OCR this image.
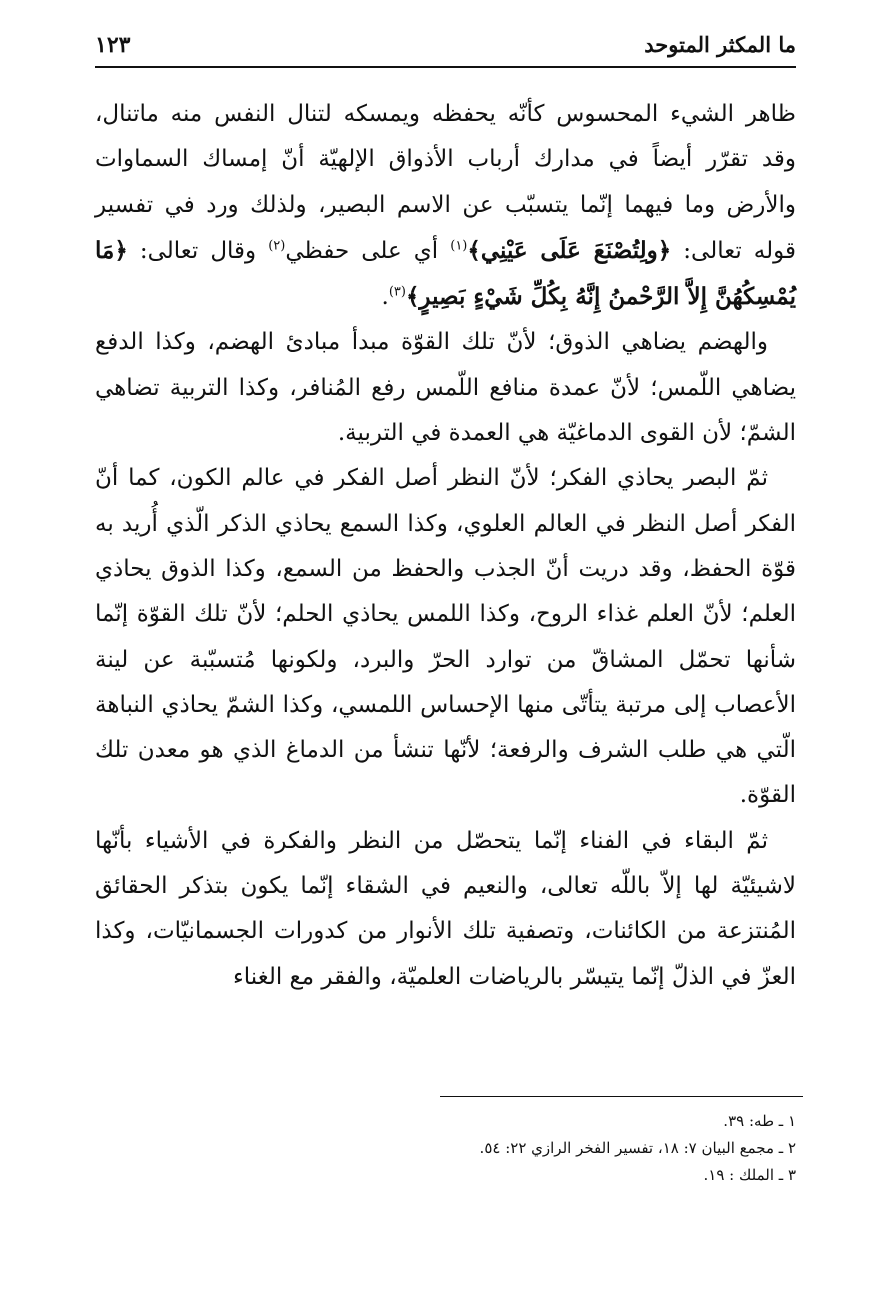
ما المكثر المتوحد
١٢٣

ظاهر الشيء المحسوس كأنّه يحفظه ويمسكه لتنال النفس منه ماتنال، وقد تقرّر أيضاً في مدارك أرباب الأذواق الإلهيّة أنّ إمساك السماوات والأرض وما فيهما إنّما يتسبّب عن الاسم البصير، ولذلك ورد في تفسير قوله تعالى: ﴿ولِتُصْنَعَ عَلَى عَيْنِي﴾$^{(١)}$ أي على حفظي$^{(٢)}$ وقال تعالى: ﴿مَا يُمْسِكُهُنَّ إِلاَّ الرَّحْمنُ إِنَّهُ بِكُلِّ شَيْءٍ بَصِيرٍ﴾$^{(٣)}$.

والهضم يضاهي الذوق؛ لأنّ تلك القوّة مبدأ مبادئ الهضم، وكذا الدفع يضاهي اللّمس؛ لأنّ عمدة منافع اللّمس رفع المُنافر، وكذا التربية تضاهي الشمّ؛ لأن القوى الدماغيّة هي العمدة في التربية.

ثمّ البصر يحاذي الفكر؛ لأنّ النظر أصل الفكر في عالم الكون، كما أنّ الفكر أصل النظر في العالم العلوي، وكذا السمع يحاذي الذكر الّذي أُريد به قوّة الحفظ، وقد دريت أنّ الجذب والحفظ من السمع، وكذا الذوق يحاذي العلم؛ لأنّ العلم غذاء الروح، وكذا اللمس يحاذي الحلم؛ لأنّ تلك القوّة إنّما شأنها تحمّل المشاقّ من توارد الحرّ والبرد، ولكونها مُتسبّبة عن لينة الأعصاب إلى مرتبة يتأتّى منها الإحساس اللمسي، وكذا الشمّ يحاذي النباهة الّتي هي طلب الشرف والرفعة؛ لأنّها تنشأ من الدماغ الذي هو معدن تلك القوّة.

ثمّ البقاء في الفناء إنّما يتحصّل من النظر والفكرة في الأشياء بأنّها لاشيئيّة لها إلاّ باللّه تعالى، والنعيم في الشقاء إنّما يكون بتذكر الحقائق المُنتزعة من الكائنات، وتصفية تلك الأنوار من كدورات الجسمانيّات، وكذا العزّ في الذلّ إنّما يتيسّر بالرياضات العلميّة، والفقر مع الغناء

١ ـ طه: ٣٩.

٢ ـ مجمع البيان ٧: ١٨، تفسير الفخر الرازي ٢٢: ٥٤.

٣ ـ الملك : ١٩.
